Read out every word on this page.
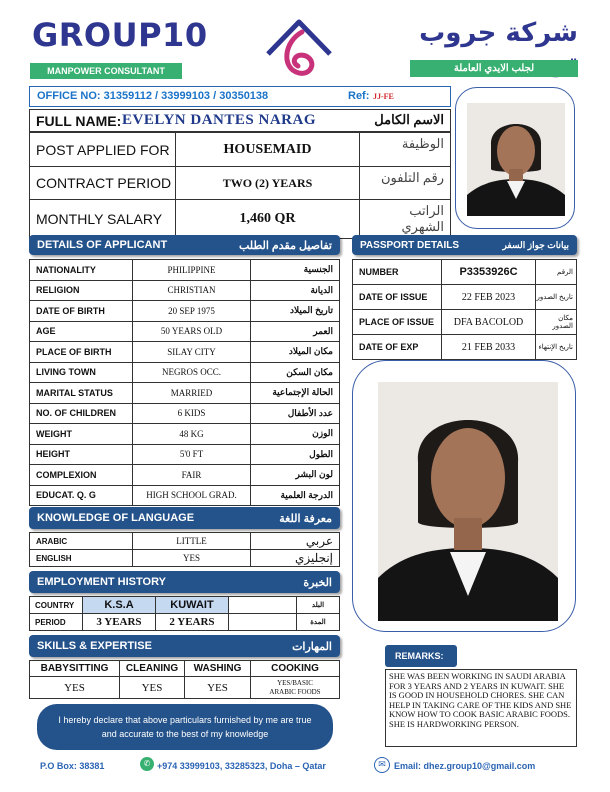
GROUP10
MANPOWER CONSULTANT
شركة جروب
لجلب الايدي العاملة
OFFICE NO: 31359112 / 33999103 / 30350138	Ref: JJ-FE
FULL NAME: EVELYN DANTES NARAG	الاسم الكامل
POST APPLIED FOR	HOUSEMAID	الوظيفة
CONTRACT PERIOD	TWO (2) YEARS	رقم التلفون
MONTHLY SALARY	1,460 QR	الراتب الشهري
DETAILS OF APPLICANT	تفاصيل مقدم الطلب
NATIONALITY	PHILIPPINE	الجنسية
RELIGION	CHRISTIAN	الديانة
DATE OF BIRTH	20 SEP 1975	تاريخ الميلاد
AGE	50 YEARS OLD	العمر
PLACE OF BIRTH	SILAY CITY	مكان الميلاد
LIVING TOWN	NEGROS OCC.	مكان السكن
MARITAL STATUS	MARRIED	الحالة الإجتماعية
NO. OF CHILDREN	6 KIDS	عدد الأطفال
WEIGHT	48 KG	الوزن
HEIGHT	5'0 FT	الطول
COMPLEXION	FAIR	لون البشر
EDUCAT. Q. G	HIGH SCHOOL GRAD.	الدرجة العلمية
PASSPORT DETAILS	بيانات جواز السفر
NUMBER	P3353926C	الرقم
DATE OF ISSUE	22 FEB 2023	تاريخ الصدور
PLACE OF ISSUE	DFA BACOLOD	مكان الصدور
DATE OF EXP	21 FEB 2033	تاريخ الإنتهاء
KNOWLEDGE OF LANGUAGE	معرفة اللغة
ARABIC	LITTLE	عربي
ENGLISH	YES	إنجليزي
EMPLOYMENT HISTORY	الخبرة
COUNTRY	K.S.A	KUWAIT		البلد
PERIOD	3 YEARS	2 YEARS		المدة
SKILLS & EXPERTISE	المهارات
BABYSITTING	CLEANING	WASHING	COOKING
YES	YES	YES	YES/BASIC ARABIC FOODS
REMARKS:
SHE WAS BEEN WORKING IN SAUDI ARABIA FOR 3 YEARS AND 2 YEARS IN KUWAIT. SHE IS GOOD IN HOUSEHOLD CHORES. SHE CAN HELP IN TAKING CARE OF THE KIDS AND SHE KNOW HOW TO COOK BASIC ARABIC FOODS. SHE IS HARDWORKING PERSON.
I hereby declare that above particulars furnished by me are true and accurate to the best of my knowledge
P.O Box: 38381	✆ +974 33999103, 33285323, Doha – Qatar	✉ Email: dhez.group10@gmail.com
